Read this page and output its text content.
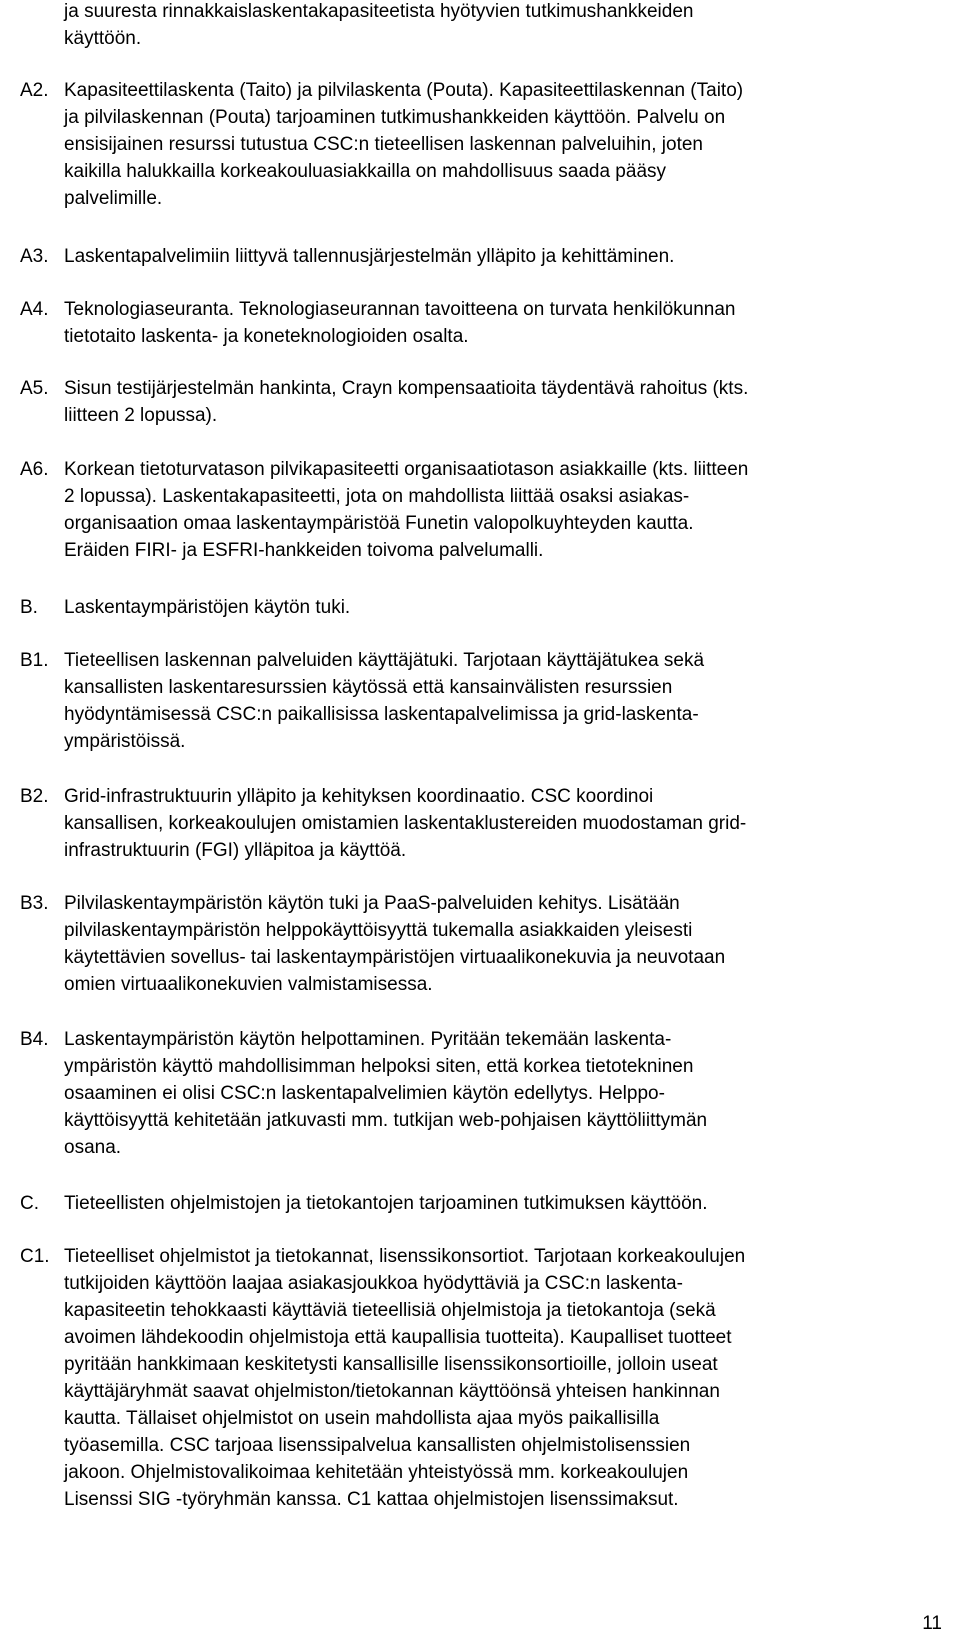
ja suuresta rinnakkaislaskentakapasiteetista hyötyvien tutkimushankkeiden
käyttöön.
A2. Kapasiteettilaskenta (Taito) ja pilvilaskenta (Pouta). Kapasiteettilaskennan (Taito)
ja pilvilaskennan (Pouta) tarjoaminen tutkimushankkeiden käyttöön. Palvelu on
ensisijainen resurssi tutustua CSC:n tieteellisen laskennan palveluihin, joten
kaikilla halukkailla korkeakouluasiakkailla on mahdollisuus saada pääsy
palvelimille.
A3. Laskentapalvelimiin liittyvä tallennusjärjestelmän ylläpito ja kehittäminen.
A4. Teknologiaseuranta. Teknologiaseurannan tavoitteena on turvata henkilökunnan
tietotaito laskenta- ja koneteknologioiden osalta.
A5. Sisun testijärjestelmän hankinta, Crayn kompensaatioita täydentävä rahoitus (kts.
liitteen 2 lopussa).
A6. Korkean tietoturvatason pilvikapasiteetti organisaatiotason asiakkaille (kts. liitteen
2 lopussa). Laskentakapasiteetti, jota on mahdollista liittää osaksi asiakas-
organisaation omaa laskentaympäristöä Funetin valopolkuyhteyden kautta.
Eräiden FIRI- ja ESFRI-hankkeiden toivoma palvelumalli.
B.	Laskentaympäristöjen käytön tuki.
B1. Tieteellisen laskennan palveluiden käyttäjätuki. Tarjotaan käyttäjätukea sekä
kansallisten laskentaresurssien käytössä että kansainvälisten resurssien
hyödyntämisessä CSC:n paikallisissa laskentapalvelimissa ja grid-laskenta-
ympäristöissä.
B2. Grid-infrastruktuurin ylläpito ja kehityksen koordinaatio. CSC koordinoi
kansallisen, korkeakoulujen omistamien laskentaklustereiden muodostaman grid-
infrastruktuurin (FGI) ylläpitoa ja käyttöä.
B3. Pilvilaskentaympäristön käytön tuki ja PaaS-palveluiden kehitys. Lisätään
pilvilaskentaympäristön helppokäyttöisyyttä tukemalla asiakkaiden yleisesti
käytettävien sovellus- tai laskentaympäristöjen virtuaalikonekuvia ja neuvotaan
omien virtuaalikonekuvien valmistamisessa.
B4. Laskentaympäristön käytön helpottaminen. Pyritään tekemään laskenta-
ympäristön käyttö mahdollisimman helpoksi siten, että korkea tietotekninen
osaaminen ei olisi CSC:n laskentapalvelimien käytön edellytys. Helppo-
käyttöisyyttä kehitetään jatkuvasti mm. tutkijan web-pohjaisen käyttöliittymän
osana.
C.	Tieteellisten ohjelmistojen ja tietokantojen tarjoaminen tutkimuksen käyttöön.
C1. Tieteelliset ohjelmistot ja tietokannat, lisenssikonsortiot. Tarjotaan korkeakoulujen
tutkijoiden käyttöön laajaa asiakasjoukkoa hyödyttäviä ja CSC:n laskenta-
kapasiteetin tehokkaasti käyttäviä tieteellisiä ohjelmistoja ja tietokantoja (sekä
avoimen lähdekoodin ohjelmistoja että kaupallisia tuotteita). Kaupalliset tuotteet
pyritään hankkimaan keskitetysti kansallisille lisenssikonsortioille, jolloin useat
käyttäjäryhmät saavat ohjelmiston/tietokannan käyttöönsä yhteisen hankinnan
kautta. Tällaiset ohjelmistot on usein mahdollista ajaa myös paikallisilla
työasemilla. CSC tarjoaa lisenssipalvelua kansallisten ohjelmistolisenssien
jakoon. Ohjelmistovalikoimaa kehitetään yhteistyössä mm. korkeakoulujen
Lisenssi SIG -työryhmän kanssa. C1 kattaa ohjelmistojen lisenssimaksut.
11
